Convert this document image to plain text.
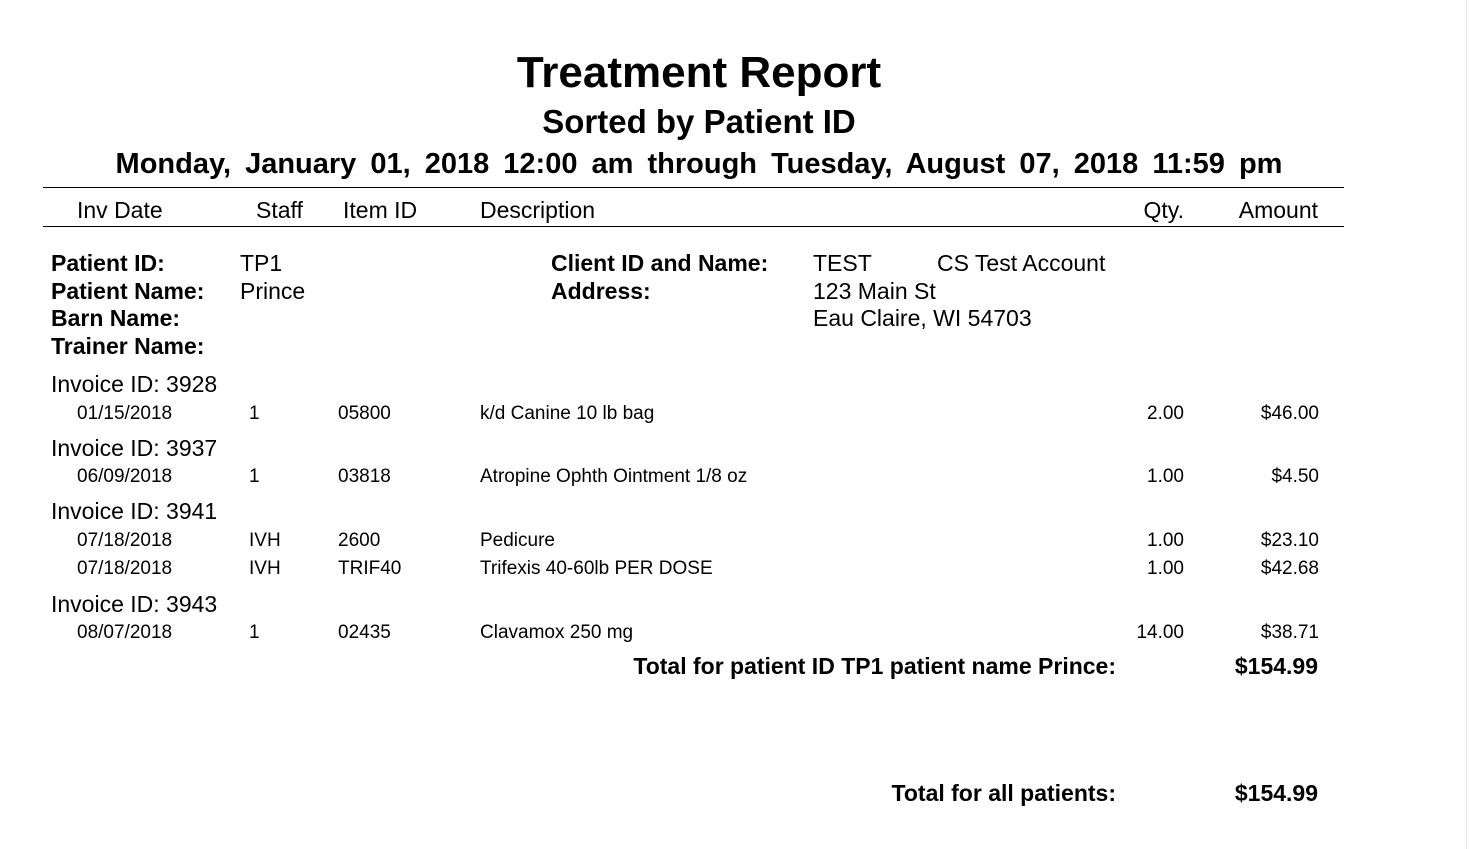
Treatment Report
Sorted by Patient ID
Monday, January 01, 2018 12:00 am through Tuesday, August 07, 2018 11:59 pm
Inv Date	Staff Item ID	Description	Qty.	Amount
Patient ID:	TP1
Patient Name: Prince
Barn Name:
Trainer Name:
Client ID and Name: TEST	CS Test Account
Address:	123 Main St
Eau Claire, WI 54703
Invoice ID: 3928
01/15/2018	1	05800	k/d Canine 10 lb bag	2.00	$46.00
Invoice ID: 3937
06/09/2018	1	03818	Atropine Ophth Ointment 1/8 oz	1.00	$4.50
Invoice ID: 3941
07/18/2018	IVH	2600	Pedicure	1.00	$23.10
07/18/2018	IVH	TRIF40	Trifexis 40-60lb PER DOSE	1.00	$42.68
Invoice ID: 3943
08/07/2018	1	02435	Clavamox 250 mg	14.00	$38.71
Total for patient ID TP1 patient name Prince:	$154.99
Total for all patients:	$154.99
